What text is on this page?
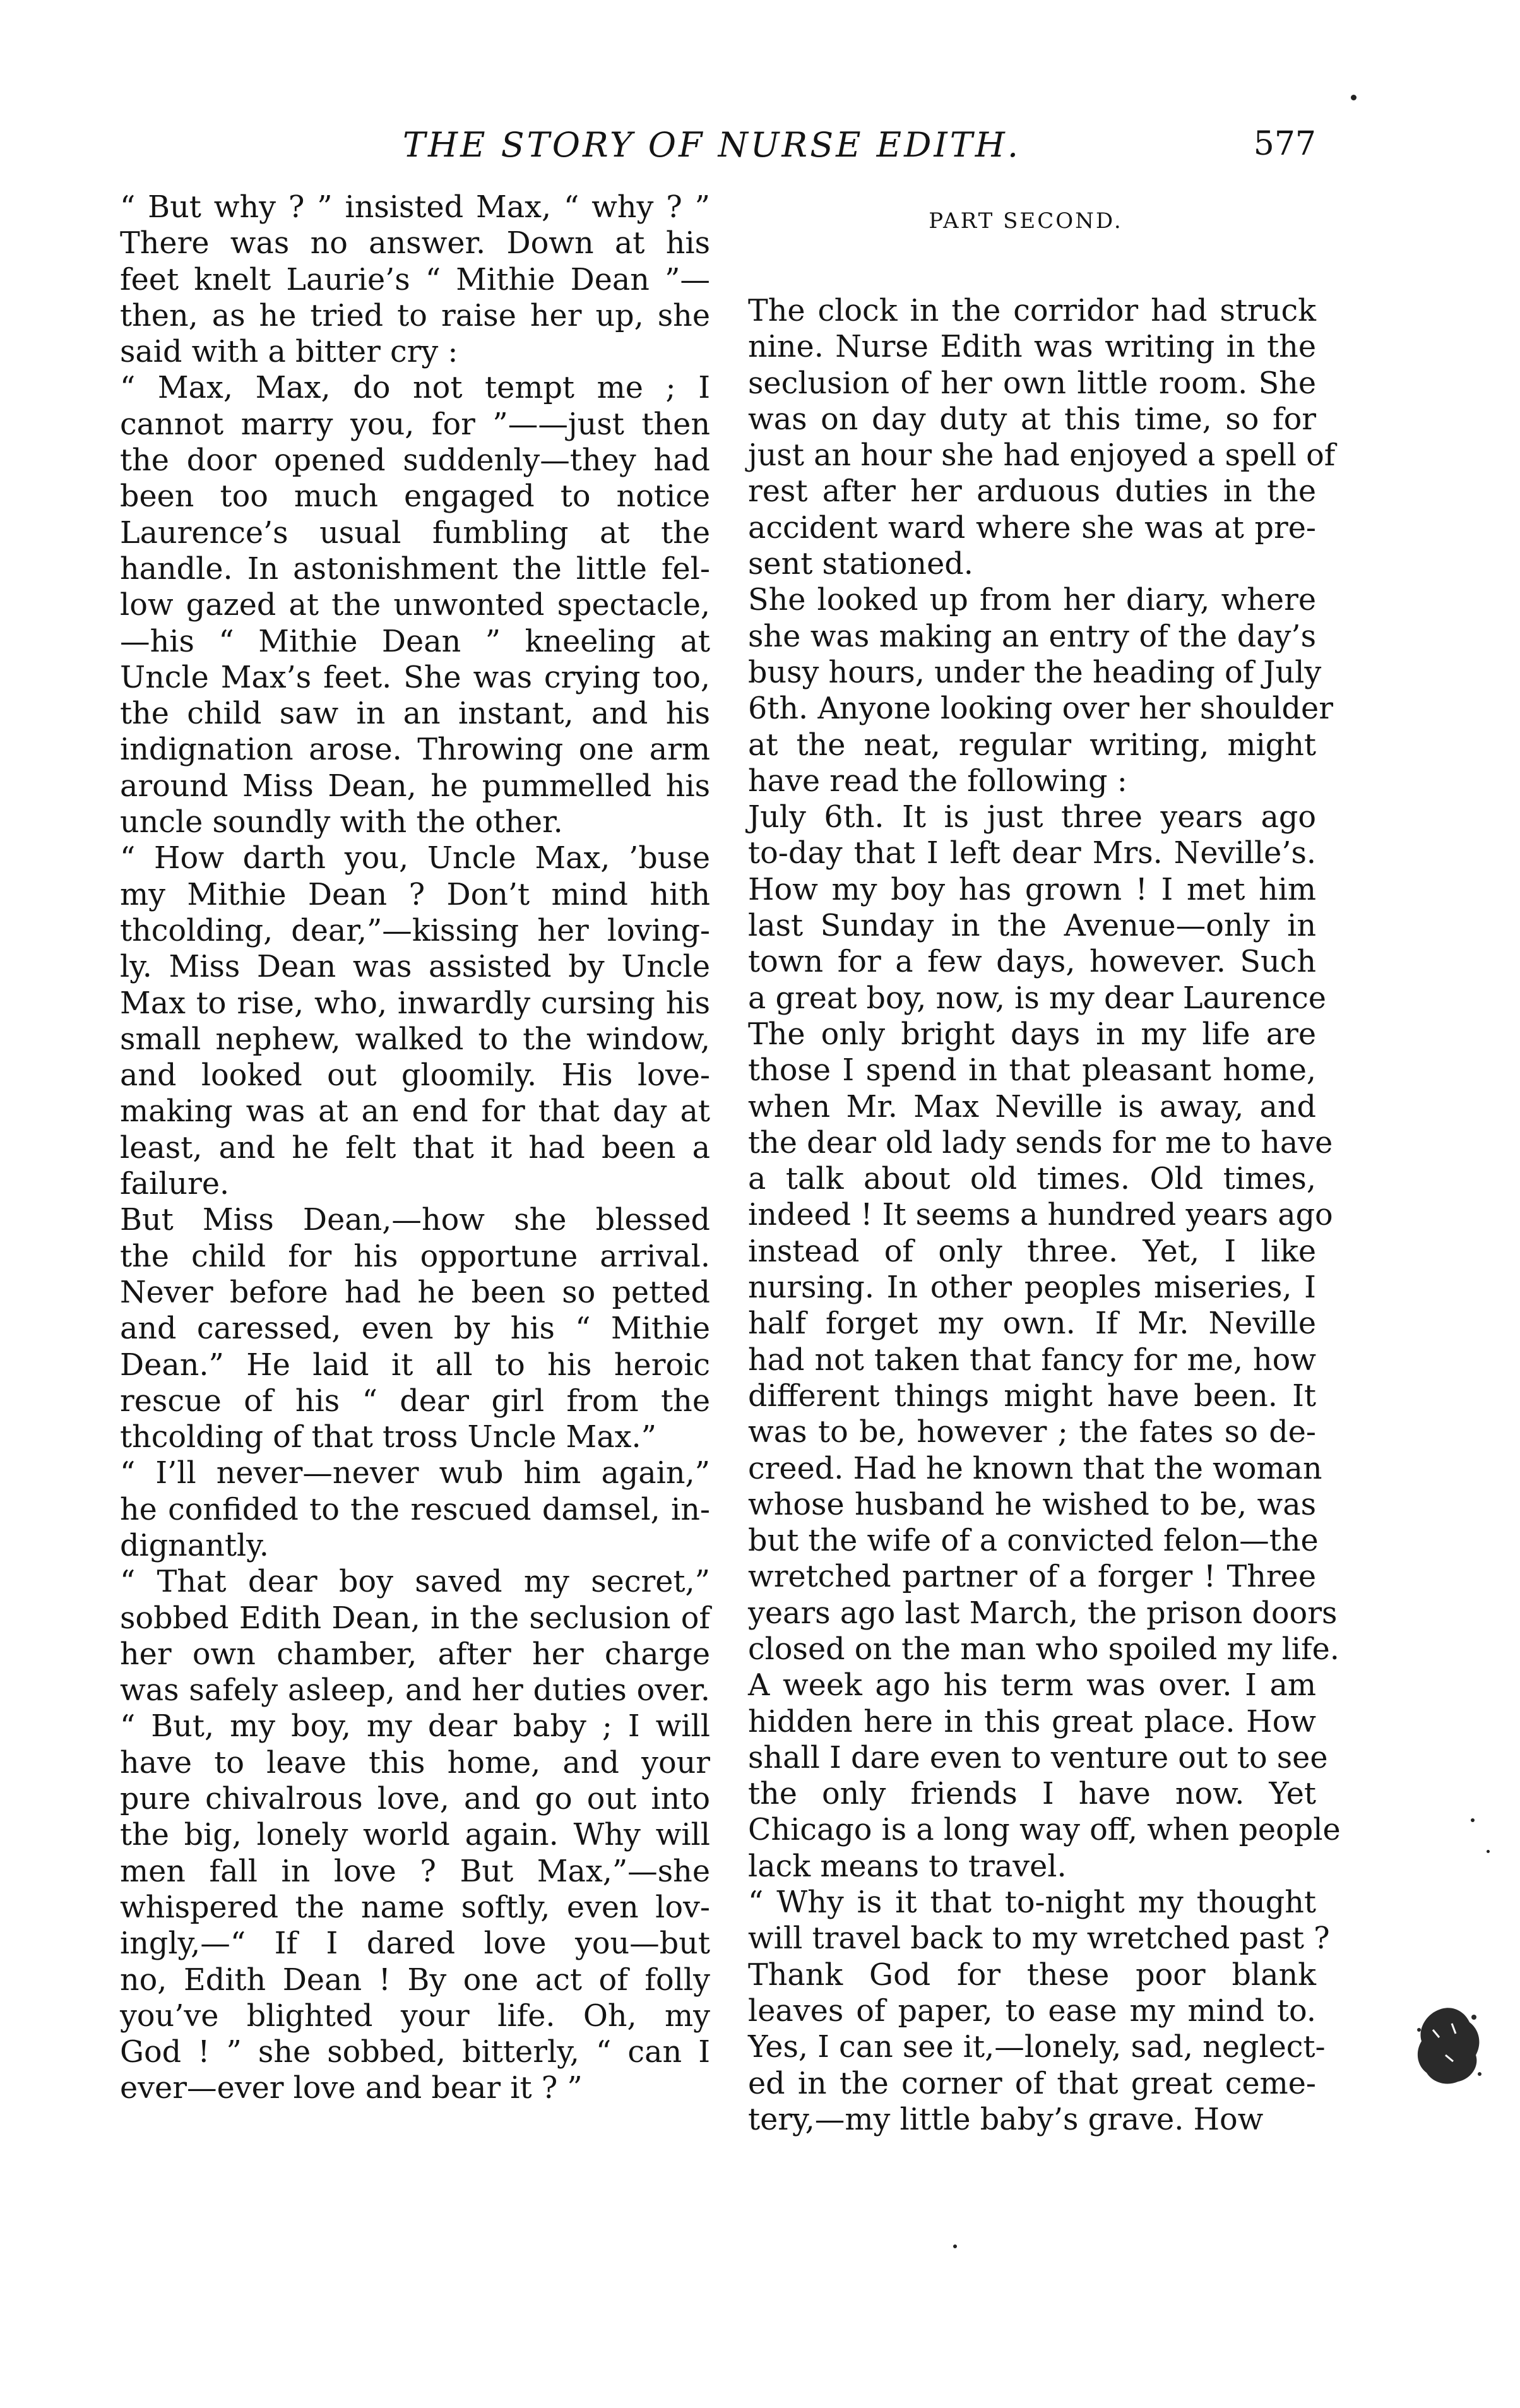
THE STORY OF NURSE EDITH.	577

“ But why ? ” insisted Max, “ why ? ”
There was no answer. Down at his
feet knelt Laurie’s “ Mithie Dean ”—
then, as he tried to raise her up, she
said with a bitter cry :

“ Max, Max, do not tempt me ; I
cannot marry you, for ”——just then
the door opened suddenly—they had
been too much engaged to notice
Laurence’s usual fumbling at the
handle. In astonishment the little fel-
low gazed at the unwonted spectacle,
—his “ Mithie Dean ” kneeling at
Uncle Max’s feet. She was crying too,
the child saw in an instant, and his
indignation arose. Throwing one arm
around Miss Dean, he pummelled his
uncle soundly with the other.

“ How darth you, Uncle Max, ’buse
my Mithie Dean ? Don’t mind hith
thcolding, dear,”—kissing her loving-
ly. Miss Dean was assisted by Uncle
Max to rise, who, inwardly cursing his
small nephew, walked to the window,
and looked out gloomily. His love-
making was at an end for that day at
least, and he felt that it had been a
failure.

But Miss Dean,—how she blessed
the child for his opportune arrival.
Never before had he been so petted
and caressed, even by his “ Mithie
Dean.” He laid it all to his heroic
rescue of his “ dear girl from the
thcolding of that tross Uncle Max.”

“ I’ll never—never wub him again,”
he confided to the rescued damsel, in-
dignantly.

“ That dear boy saved my secret,”
sobbed Edith Dean, in the seclusion of
her own chamber, after her charge
was safely asleep, and her duties over.
“ But, my boy, my dear baby ; I will
have to leave this home, and your
pure chivalrous love, and go out into
the big, lonely world again. Why will
men fall in love ? But Max,”—she
whispered the name softly, even lov-
ingly,—“ If I dared love you—but
no, Edith Dean ! By one act of folly
you’ve blighted your life. Oh, my
God ! ” she sobbed, bitterly, “ can I
ever—ever love and bear it ? ”

PART SECOND.

The clock in the corridor had struck
nine. Nurse Edith was writing in the
seclusion of her own little room. She
was on day duty at this time, so for
just an hour she had enjoyed a spell of
rest after her arduous duties in the
accident ward where she was at pre-
sent stationed.

She looked up from her diary, where
she was making an entry of the day’s
busy hours, under the heading of July
6th. Anyone looking over her shoulder
at the neat, regular writing, might
have read the following :

July 6th. It is just three years ago
to-day that I left dear Mrs. Neville’s.
How my boy has grown ! I met him
last Sunday in the Avenue—only in
town for a few days, however. Such
a great boy, now, is my dear Laurence
The only bright days in my life are
those I spend in that pleasant home,
when Mr. Max Neville is away, and
the dear old lady sends for me to have
a talk about old times. Old times,
indeed ! It seems a hundred years ago
instead of only three. Yet, I like
nursing. In other peoples miseries, I
half forget my own. If Mr. Neville
had not taken that fancy for me, how
different things might have been. It
was to be, however ; the fates so de-
creed. Had he known that the woman
whose husband he wished to be, was
but the wife of a convicted felon—the
wretched partner of a forger ! Three
years ago last March, the prison doors
closed on the man who spoiled my life.
A week ago his term was over. I am
hidden here in this great place. How
shall I dare even to venture out to see
the only friends I have now. Yet
Chicago is a long way off, when people
lack means to travel.

“ Why is it that to-night my thought
will travel back to my wretched past ?
Thank God for these poor blank
leaves of paper, to ease my mind to.
Yes, I can see it,—lonely, sad, neglect-
ed in the corner of that great ceme-
tery,—my little baby’s grave. How
